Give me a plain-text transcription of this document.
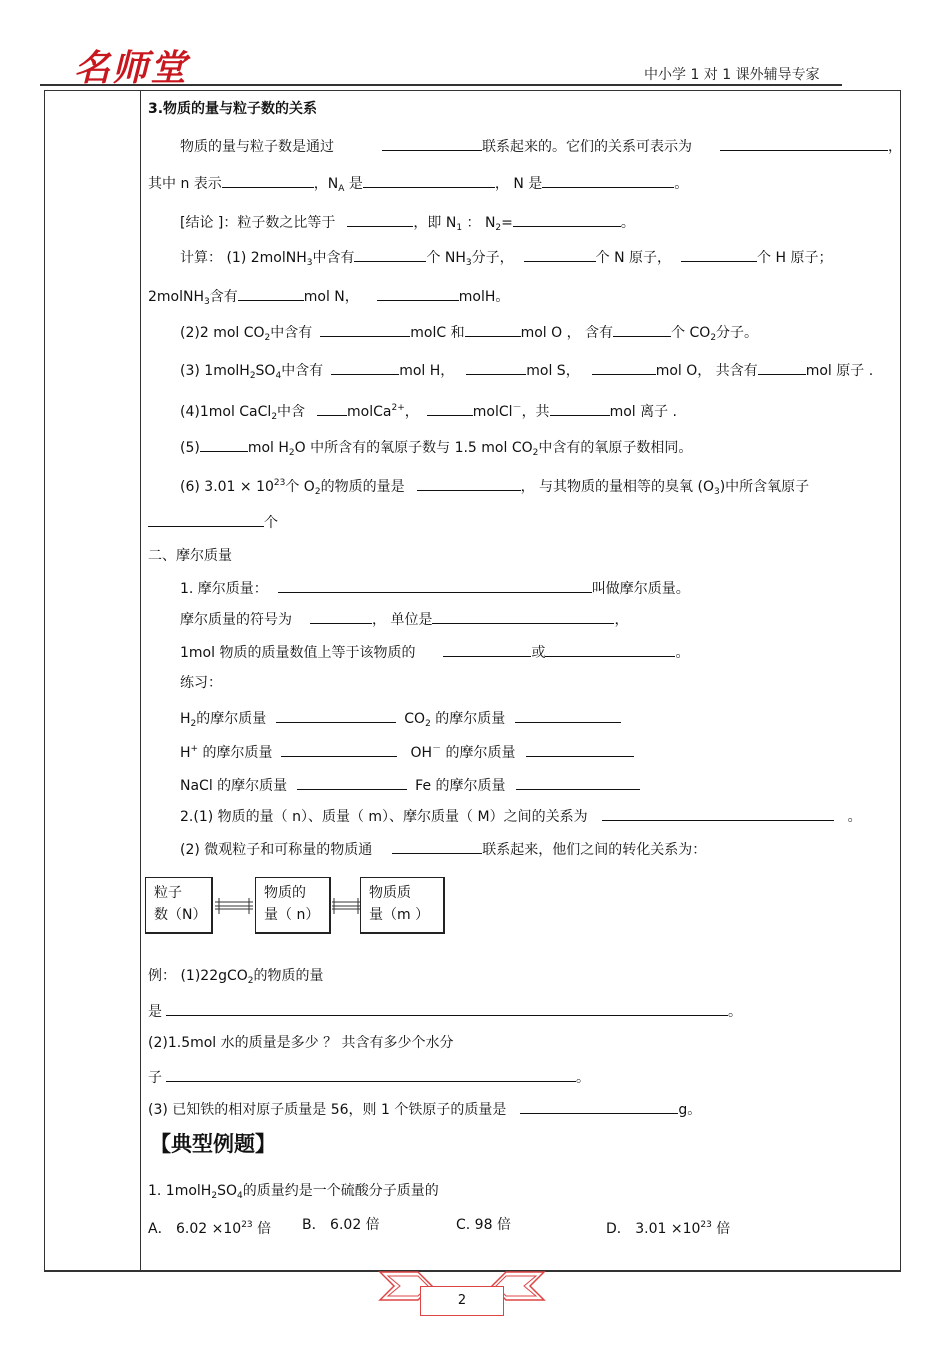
名师堂	中小学 1 对 1 课外辅导专家
3.物质的量与粒子数的关系
物质的量与粒子数是通过	联系起来的。它们的关系可表示为	，
其中 n 表示	，$N_A$ 是	， N 是	。
[结论 ]：粒子数之比等于	，即 $N_1$ ： $N_2=$	。
计算： (1) 2molNH$_3$中含有	个 $NH_3$分子，	个 N 原子，	个 H 原子；
2molNH$_3$含有	mol N，	molH。
(2)2 mol $CO_2$中含有	molC 和	mol O ， 含有	个 $CO_2$分子。
(3) $1molH_2SO_4$中含有	mol H，	mol S，	mol O， 共含有	mol 原子 .
(4)1mol CaCl$_2$中含	molCa$^{2+}$，	molCl－，共	mol 离子 .
(5)	mol $H_2O$ 中所含有的氧原子数与 1.5 mol $CO_2$中含有的氧原子数相同。
(6) $3.01 \times 10^{23}$个 $O_2$的物质的量是	， 与其物质的量相等的臭氧 $(O_3)$中所含氧原子
个
二、摩尔质量
1. 摩尔质量：	叫做摩尔质量。
摩尔质量的符号为	， 单位是	，
1mol 物质的质量数值上等于该物质的	或	。
练习：
$H_2$的摩尔质量	$CO_2$ 的摩尔质量
H+ 的摩尔质量	OH－ 的摩尔质量
NaCl 的摩尔质量	Fe 的摩尔质量
2.(1) 物质的量（ n）、质量（ m）、摩尔质量（ M）之间的关系为	。
(2) 微观粒子和可称量的物质通	联系起来，他们之间的转化关系为：
粒子
数（N）
物质的
量（ n）
物质质
量（m ）
例： (1)22gCO$_2$的物质的量
是	。
(2)1.5mol 水的质量是多少 ？ 共含有多少个水分
子	。
(3) 已知铁的相对原子质量是 56，则 1 个铁原子的质量是	g。
【典型例题】
1. $1molH_2SO_4$的质量约是一个硫酸分子质量的
A． $6.02 \times 10^{23}$ 倍 B． 6.02 倍	C. 98 倍	D． $3.01 \times 10^{23}$ 倍
2
